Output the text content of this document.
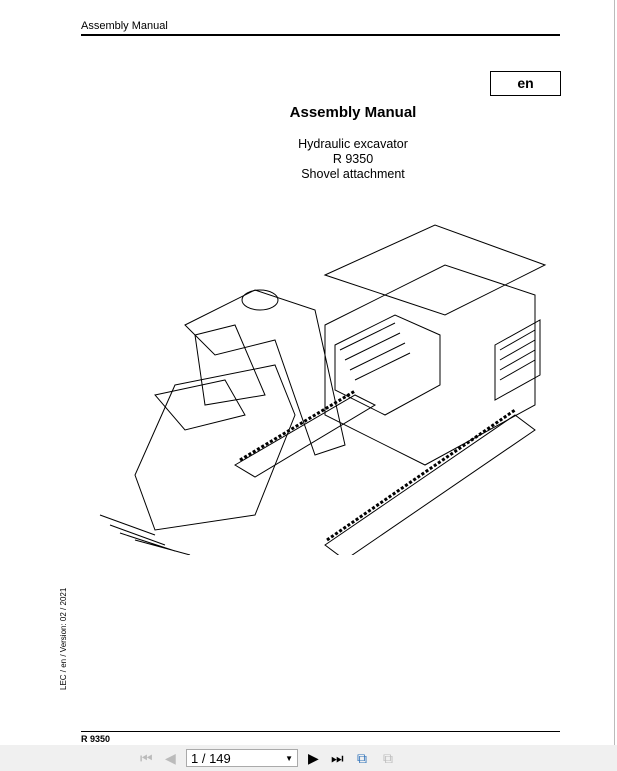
Assembly Manual
en
Assembly Manual
Hydraulic excavator
R 9350
Shovel attachment
LEC / en / Version: 02 / 2021
R 9350
⏮ ◀	1 / 149	▼ ▶ ⏭ ⧉ ⧉
